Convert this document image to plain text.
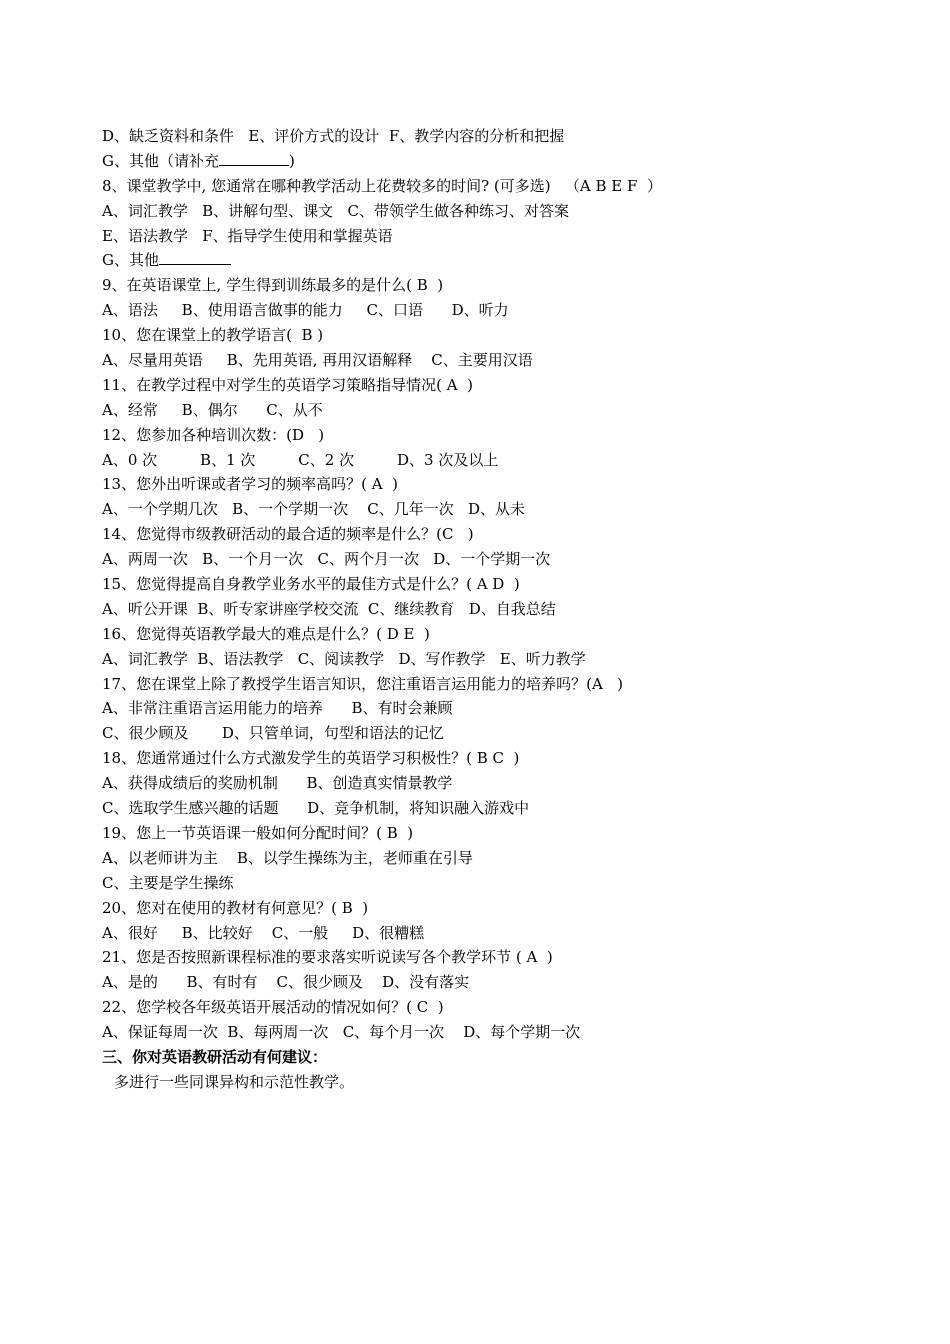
D、缺乏资料和条件   E、评价方式的设计  F、教学内容的分析和把握
G、其他（请补充	)
8、课堂教学中, 您通常在哪种教学活动上花费较多的时间? (可多选)   （A B E F  ）
A、词汇教学   B、讲解句型、课文   C、带领学生做各种练习、对答案
E、语法教学   F、指导学生使用和掌握英语
G、其他
9、在英语课堂上, 学生得到训练最多的是什么( B  )
A、语法     B、使用语言做事的能力     C、口语      D、听力
10、您在课堂上的教学语言(  B )
A、尽量用英语     B、先用英语, 再用汉语解释    C、主要用汉语
11、在教学过程中对学生的英语学习策略指导情况( A  )
A、经常     B、偶尔      C、从不
12、您参加各种培训次数：(D   )
A、0 次         B、1 次         C、2 次         D、3 次及以上
13、您外出听课或者学习的频率高吗？( A  )
A、一个学期几次   B、一个学期一次    C、几年一次   D、从未
14、您觉得市级教研活动的最合适的频率是什么？(C   )
A、两周一次   B、一个月一次   C、两个月一次   D、一个学期一次
15、您觉得提高自身教学业务水平的最佳方式是什么？( A D  )
A、听公开课  B、听专家讲座学校交流  C、继续教育   D、自我总结
16、您觉得英语教学最大的难点是什么？( D E  )
A、词汇教学  B、语法教学   C、阅读教学   D、写作教学   E、听力教学
17、您在课堂上除了教授学生语言知识，您注重语言运用能力的培养吗？(A   )
A、非常注重语言运用能力的培养      B、有时会兼顾
C、很少顾及       D、只管单词，句型和语法的记忆
18、您通常通过什么方式激发学生的英语学习积极性？( B C  )
A、获得成绩后的奖励机制      B、创造真实情景教学
C、选取学生感兴趣的话题      D、竞争机制，将知识融入游戏中
19、您上一节英语课一般如何分配时间？( B  )
A、以老师讲为主    B、以学生操练为主，老师重在引导
C、主要是学生操练
20、您对在使用的教材有何意见？( B  )
A、很好     B、比较好    C、一般     D、很糟糕
21、您是否按照新课程标准的要求落实听说读写各个教学环节 ( A  )
A、是的      B、有时有    C、很少顾及    D、没有落实
22、您学校各年级英语开展活动的情况如何？( C  )
A、保证每周一次  B、每两周一次   C、每个月一次    D、每个学期一次
三、你对英语教研活动有何建议：
多进行一些同课异构和示范性教学。
